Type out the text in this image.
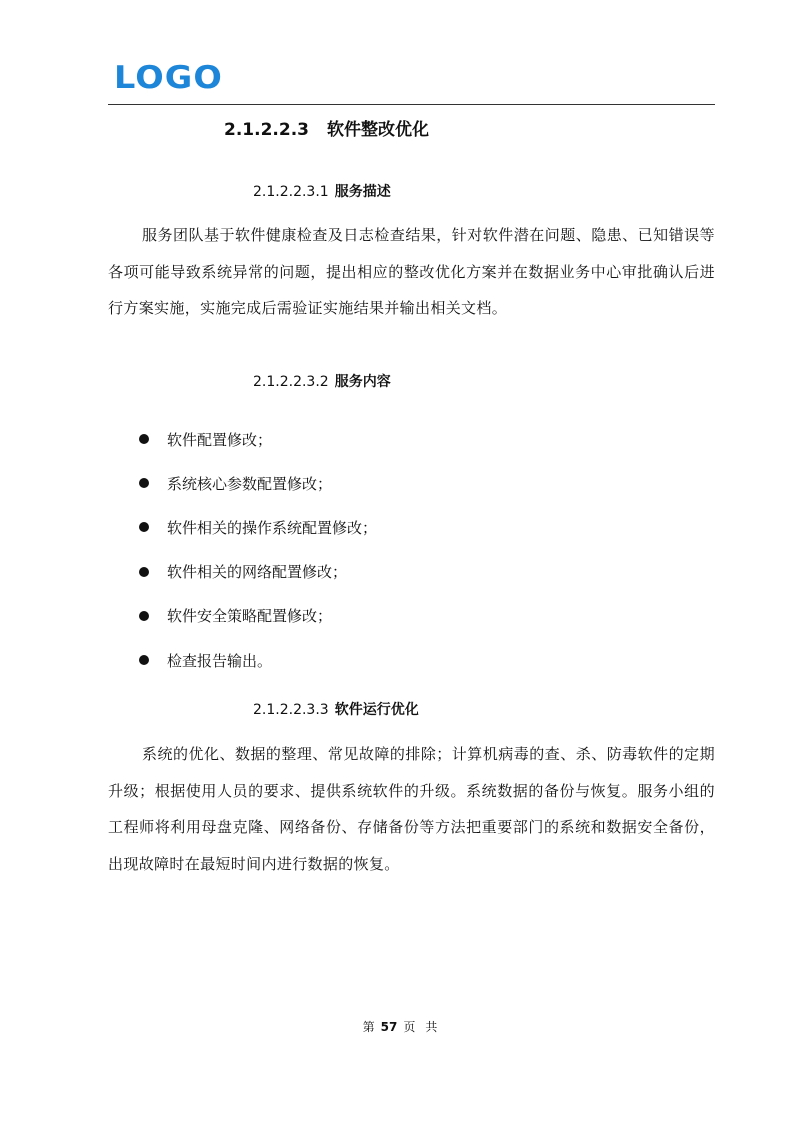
LOGO
2.1.2.2.3 软件整改优化
2.1.2.2.3.1 服务描述
服务团队基于软件健康检查及日志检查结果，针对软件潜在问题、隐患、已知错误等各项可能导致系统异常的问题，提出相应的整改优化方案并在数据业务中心审批确认后进行方案实施，实施完成后需验证实施结果并输出相关文档。
2.1.2.2.3.2 服务内容
软件配置修改；
系统核心参数配置修改；
软件相关的操作系统配置修改；
软件相关的网络配置修改；
软件安全策略配置修改；
检查报告输出。
2.1.2.2.3.3 软件运行优化
系统的优化、数据的整理、常见故障的排除；计算机病毒的查、杀、防毒软件的定期升级；根据使用人员的要求、提供系统软件的升级。系统数据的备份与恢复。服务小组的工程师将利用母盘克隆、网络备份、存储备份等方法把重要部门的系统和数据安全备份，出现故障时在最短时间内进行数据的恢复。
第 57 页 共
